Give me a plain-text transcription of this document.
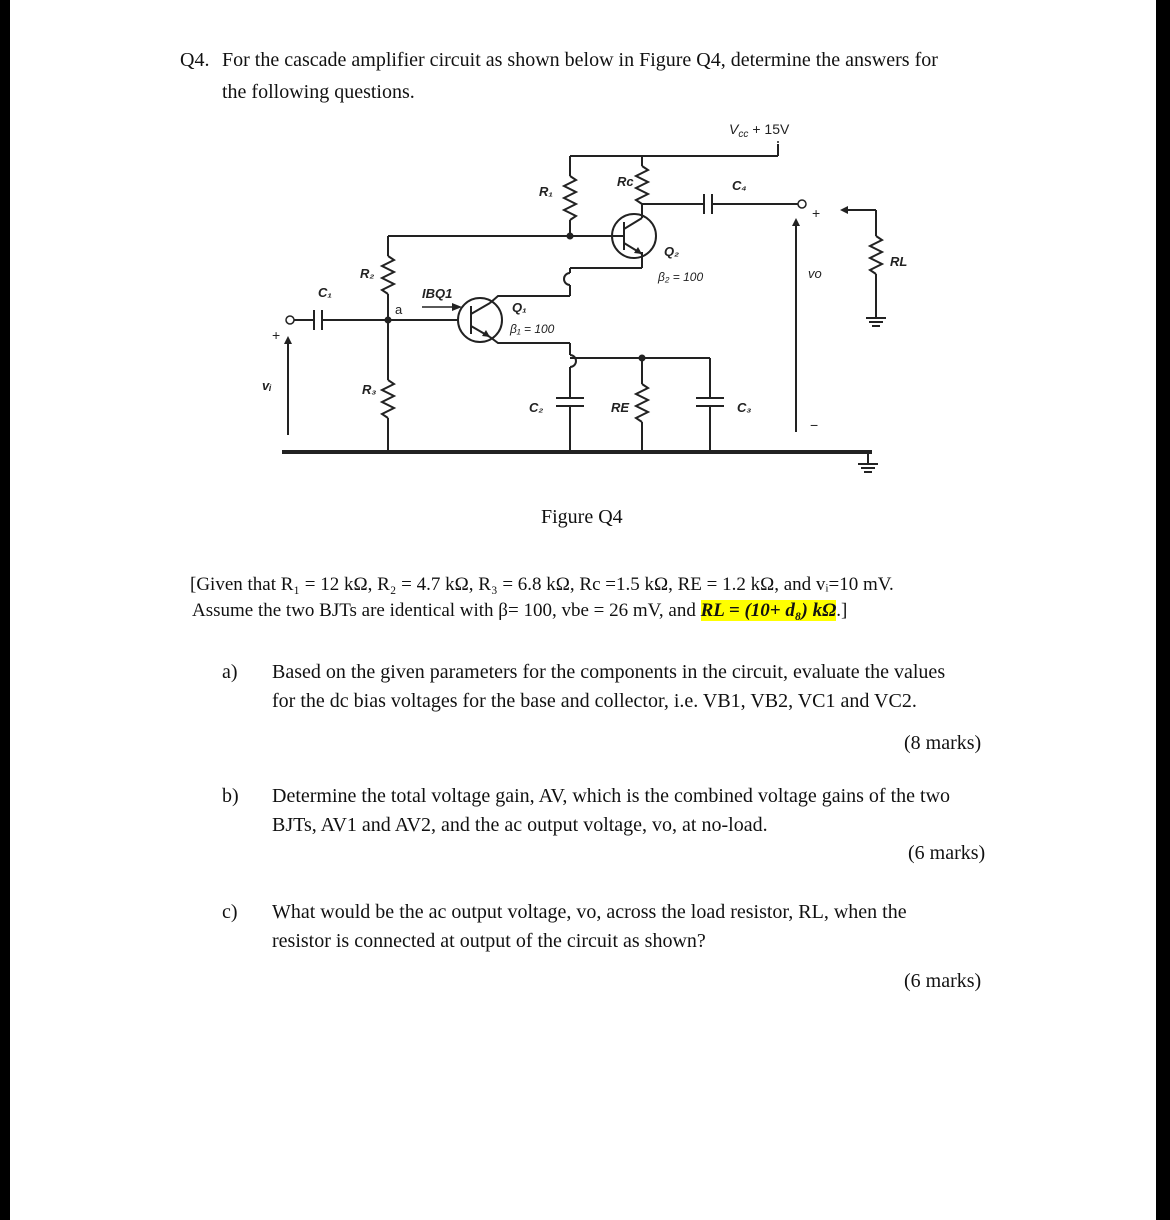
Q4. For the cascade amplifier circuit as shown below in Figure Q4, determine the answers for
the following questions.
$V_{cc} + 15V$
R₁
Rc	C₄
+
RL
Q₂
β₂ = 100	vo
R₂
C₁	IBQ1
a	Q₁
β₁ = 100
+
vᵢ	R₃
C₂	RE	C₃
−
Figure Q4
[Given that R₁ = 12 kΩ, R₂ = 4.7 kΩ, R₃ = 6.8 kΩ, Rc =1.5 kΩ, RE = 1.2 kΩ, and vᵢ=10 mV.
Assume the two BJTs are identical with β= 100, vbe = 26 mV, and RL = (10+ d₈) kΩ.]
a) Based on the given parameters for the components in the circuit, evaluate the values
for the dc bias voltages for the base and collector, i.e. VB1, VB2, VC1 and VC2.
(8 marks)
b) Determine the total voltage gain, AV, which is the combined voltage gains of the two
BJTs, AV1 and AV2, and the ac output voltage, vo, at no-load.
(6 marks)
c) What would be the ac output voltage, vo, across the load resistor, RL, when the
resistor is connected at output of the circuit as shown?
(6 marks)
